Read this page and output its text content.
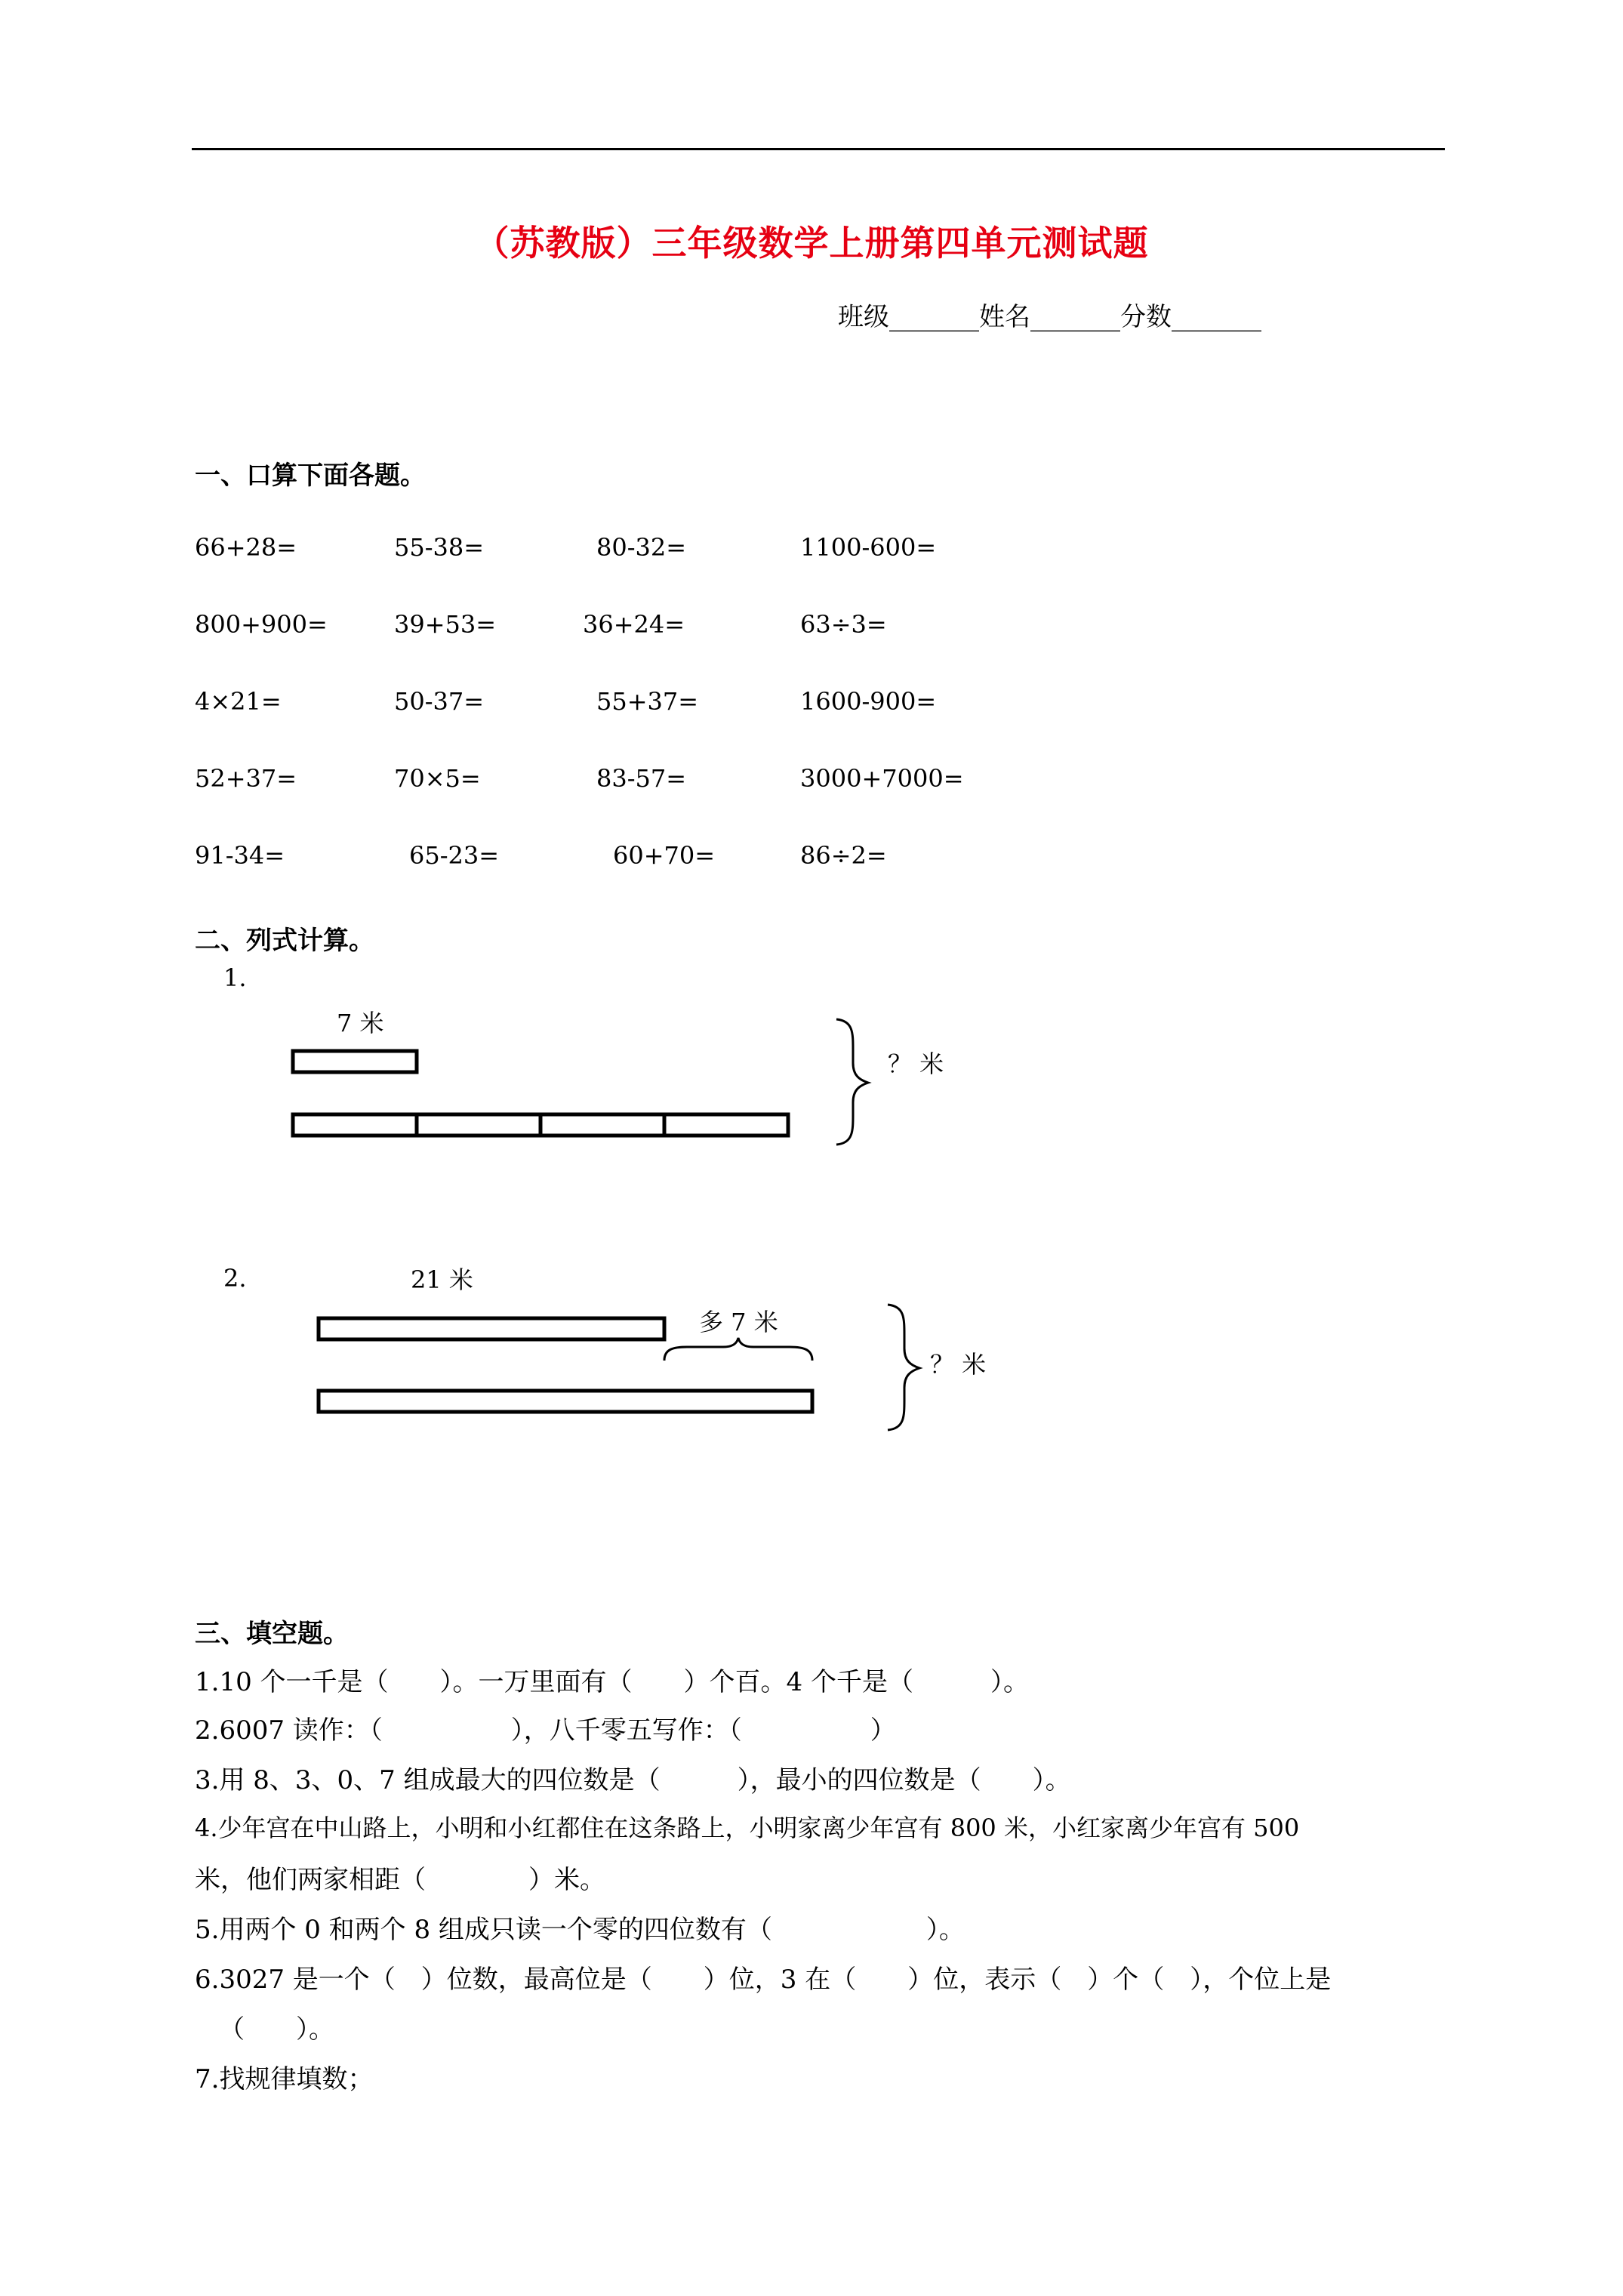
（苏教版）三年级数学上册第四单元测试题
班级_______姓名_______分数_______
一、口算下面各题。
66+28=	55-38=	80-32=	1100-600=
800+900=	39+53=	36+24=	63÷3=
4×21=	50-37=	55+37=	1600-900=
52+37=	70×5=	83-57=	3000+7000=
91-34=	65-23=	60+70=	86÷2=
二、列式计算。
1.
7 米
？ 米
2.	21 米
多 7 米
？ 米
三、填空题。
1.10 个一千是（　　）。一万里面有（　　）个百。4 个千是（　　　）。
2.6007 读作：（　　　　　），八千零五写作：（　　　　　）
3.用 8、3、0、7 组成最大的四位数是（　　　），最小的四位数是（　　）。
4.少年宫在中山路上，小明和小红都住在这条路上，小明家离少年宫有 800 米，小红家离少年宫有 500
米，他们两家相距（　　　　）米。
5.用两个 0 和两个 8 组成只读一个零的四位数有（　　　　　　）。
6.3027 是一个（　）位数，最高位是（　　）位，3 在（　　）位，表示（　）个（　），个位上是
（　　）。
7.找规律填数；
